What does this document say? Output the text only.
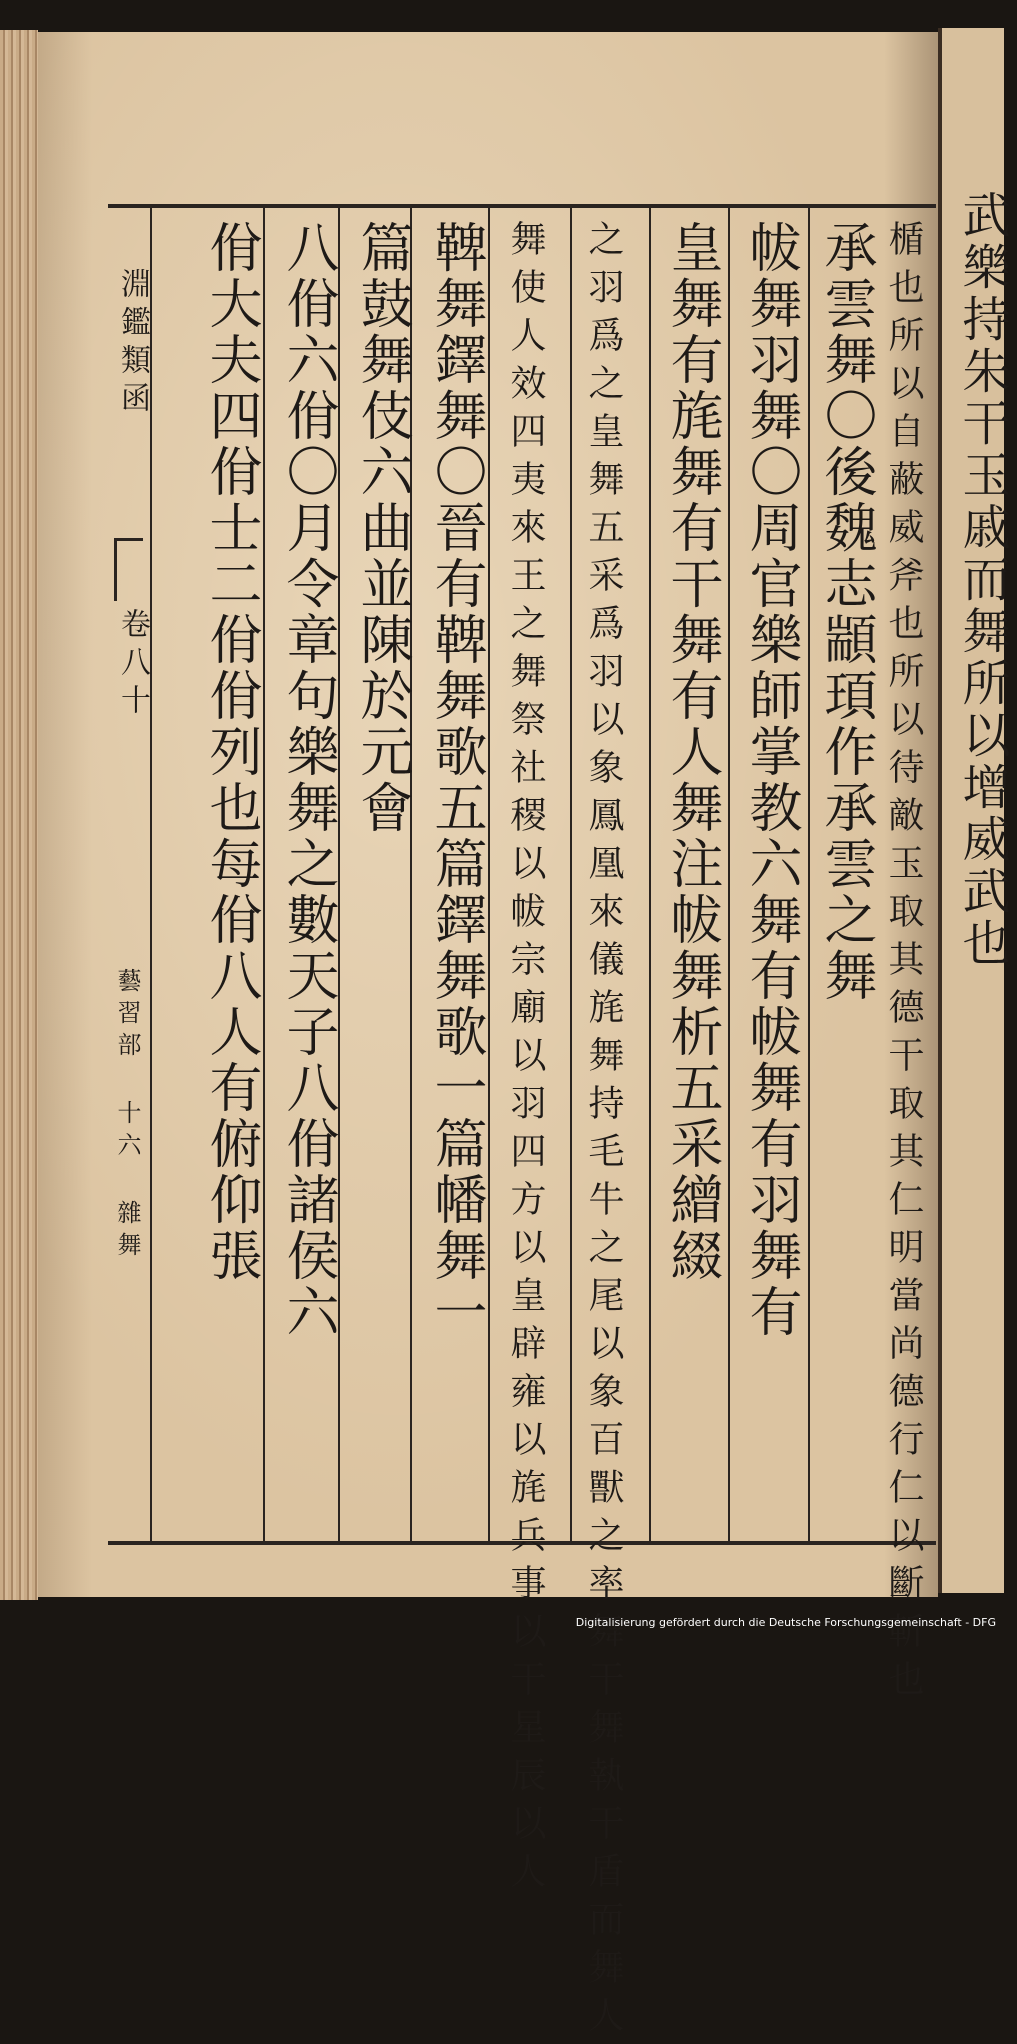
淵鑑類函
卷八十
藝習部 十六 雜舞	楯也所以自蔽威斧也所以待敵玉取其德干取其仁明當尚德行仁以斷斬也
承雲舞〇後魏志顓頊作承雲之舞
帗舞羽舞〇周官樂師掌教六舞有帗舞有羽舞有
皇舞有旄舞有干舞有人舞注帗舞析五采繒綴
之羽爲之皇舞五采爲羽以象鳳凰來儀旄舞持毛牛之尾以象百獸之率舞干舞執干盾而舞人
舞使人效四夷來王之舞祭社稷以帗宗廟以羽四方以皇辟雍以旄兵事以干星辰以人
鞞舞鐸舞〇晉有鞞舞歌五篇鐸舞歌一篇幡舞一
篇鼓舞伎六曲並陳於元會
八佾六佾〇月令章句樂舞之數天子八佾諸侯六
佾大夫四佾士二佾佾列也每佾八人有俯仰張	武樂持朱干玉戚而舞所以增威武也
Digitalisierung gefördert durch die Deutsche Forschungsgemeinschaft - DFG
